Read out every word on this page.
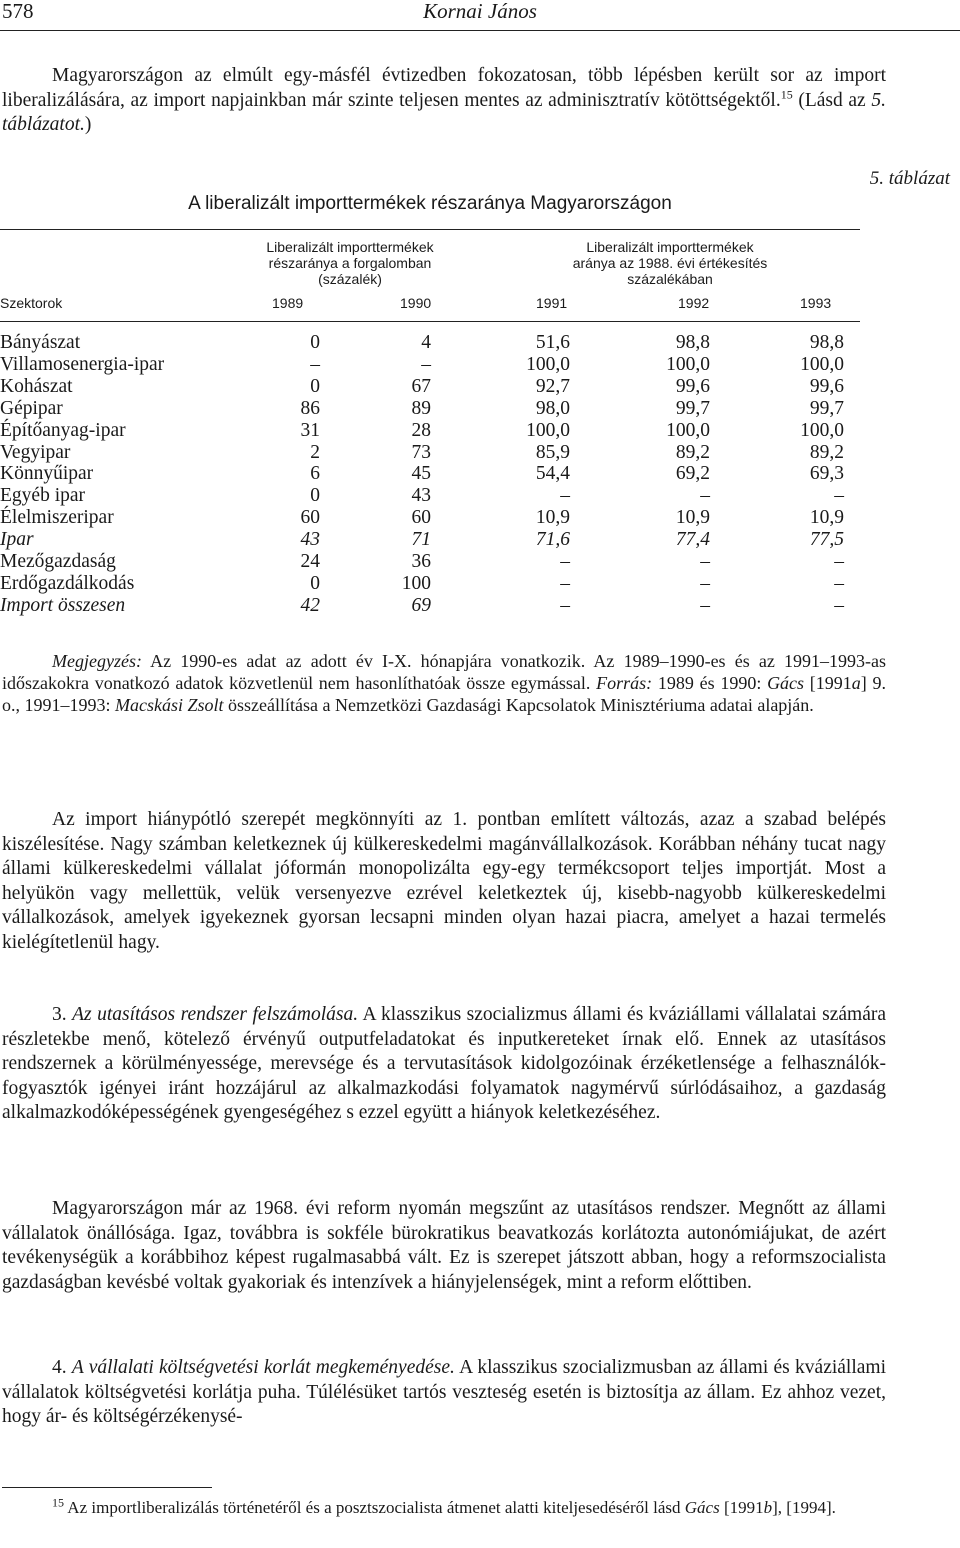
578	Kornai János
Magyarországon az elmúlt egy-másfél évtizedben fokozatosan, több lépésben került sor az import liberalizálására, az import napjainkban már szinte teljesen mentes az adminisztratív kötöttségektől.$^{15}$ (Lásd az 5. táblázatot.)
5. táblázat
A liberalizált importtermékek részaránya Magyarországon
Liberalizált importtermékek
részaránya a forgalomban
(százalék)
Liberalizált importtermékek
aránya az 1988. évi értékesítés
százalékában
Szektorok	1989	1990	1991	1992	1993
Bányászat	0	4	51,6	98,8	98,8
Villamosenergia-ipar	–	–	100,0	100,0	100,0
Kohászat	0	67	92,7	99,6	99,6
Gépipar	86	89	98,0	99,7	99,7
Építőanyag-ipar	31	28	100,0	100,0	100,0
Vegyipar	2	73	85,9	89,2	89,2
Könnyűipar	6	45	54,4	69,2	69,3
Egyéb ipar	0	43	–	–	–
Élelmiszeripar	60	60	10,9	10,9	10,9
Ipar	43	71	71,6	77,4	77,5
Mezőgazdaság	24	36	–	–	–
Erdőgazdálkodás	0	100	–	–	–
Import összesen	42	69	–	–	–
Megjegyzés: Az 1990-es adat az adott év I-X. hónapjára vonatkozik. Az 1989–1990-es és az 1991–1993-as időszakokra vonatkozó adatok közvetlenül nem hasonlíthatóak össze egymással. Forrás: 1989 és 1990: Gács [1991a] 9. o., 1991–1993: Macskási Zsolt összeállítása a Nemzetközi Gazdasági Kapcsolatok Minisztériuma adatai alapján.
Az import hiánypótló szerepét megkönnyíti az 1. pontban említett változás, azaz a szabad belépés kiszélesítése. Nagy számban keletkeznek új külkereskedelmi magánvállalkozások. Korábban néhány tucat nagy állami külkereskedelmi vállalat jóformán monopolizálta egy-egy termékcsoport teljes importját. Most a helyükön vagy mellettük, velük versenyezve ezrével keletkeztek új, kisebb-nagyobb külkereskedelmi vállalkozások, amelyek igyekeznek gyorsan lecsapni minden olyan hazai piacra, amelyet a hazai termelés kielégítetlenül hagy.
3. Az utasításos rendszer felszámolása. A klasszikus szocializmus állami és kváziállami vállalatai számára részletekbe menő, kötelező érvényű outputfeladatokat és inputkereteket írnak elő. Ennek az utasításos rendszernek a körülményessége, merevsége és a tervutasítások kidolgozóinak érzéketlensége a felhasználók-fogyasztók igényei iránt hozzájárul az alkalmazkodási folyamatok nagymérvű súrlódásaihoz, a gazdaság alkalmazkodóképességének gyengeségéhez s ezzel együtt a hiányok keletkezéséhez.
Magyarországon már az 1968. évi reform nyomán megszűnt az utasításos rendszer. Megnőtt az állami vállalatok önállósága. Igaz, továbbra is sokféle bürokratikus beavatkozás korlátozta autonómiájukat, de azért tevékenységük a korábbihoz képest rugalmasabbá vált. Ez is szerepet játszott abban, hogy a reformszocialista gazdaságban kevésbé voltak gyakoriak és intenzívek a hiányjelenségek, mint a reform előttiben.
4. A vállalati költségvetési korlát megkeményedése. A klasszikus szocializmusban az állami és kváziállami vállalatok költségvetési korlátja puha. Túlélésüket tartós veszteség esetén is biztosítja az állam. Ez ahhoz vezet, hogy ár- és költségérzékenysé-
$^{15}$ Az importliberalizálás történetéről és a posztszocialista átmenet alatti kiteljesedéséről lásd Gács [1991b], [1994].
